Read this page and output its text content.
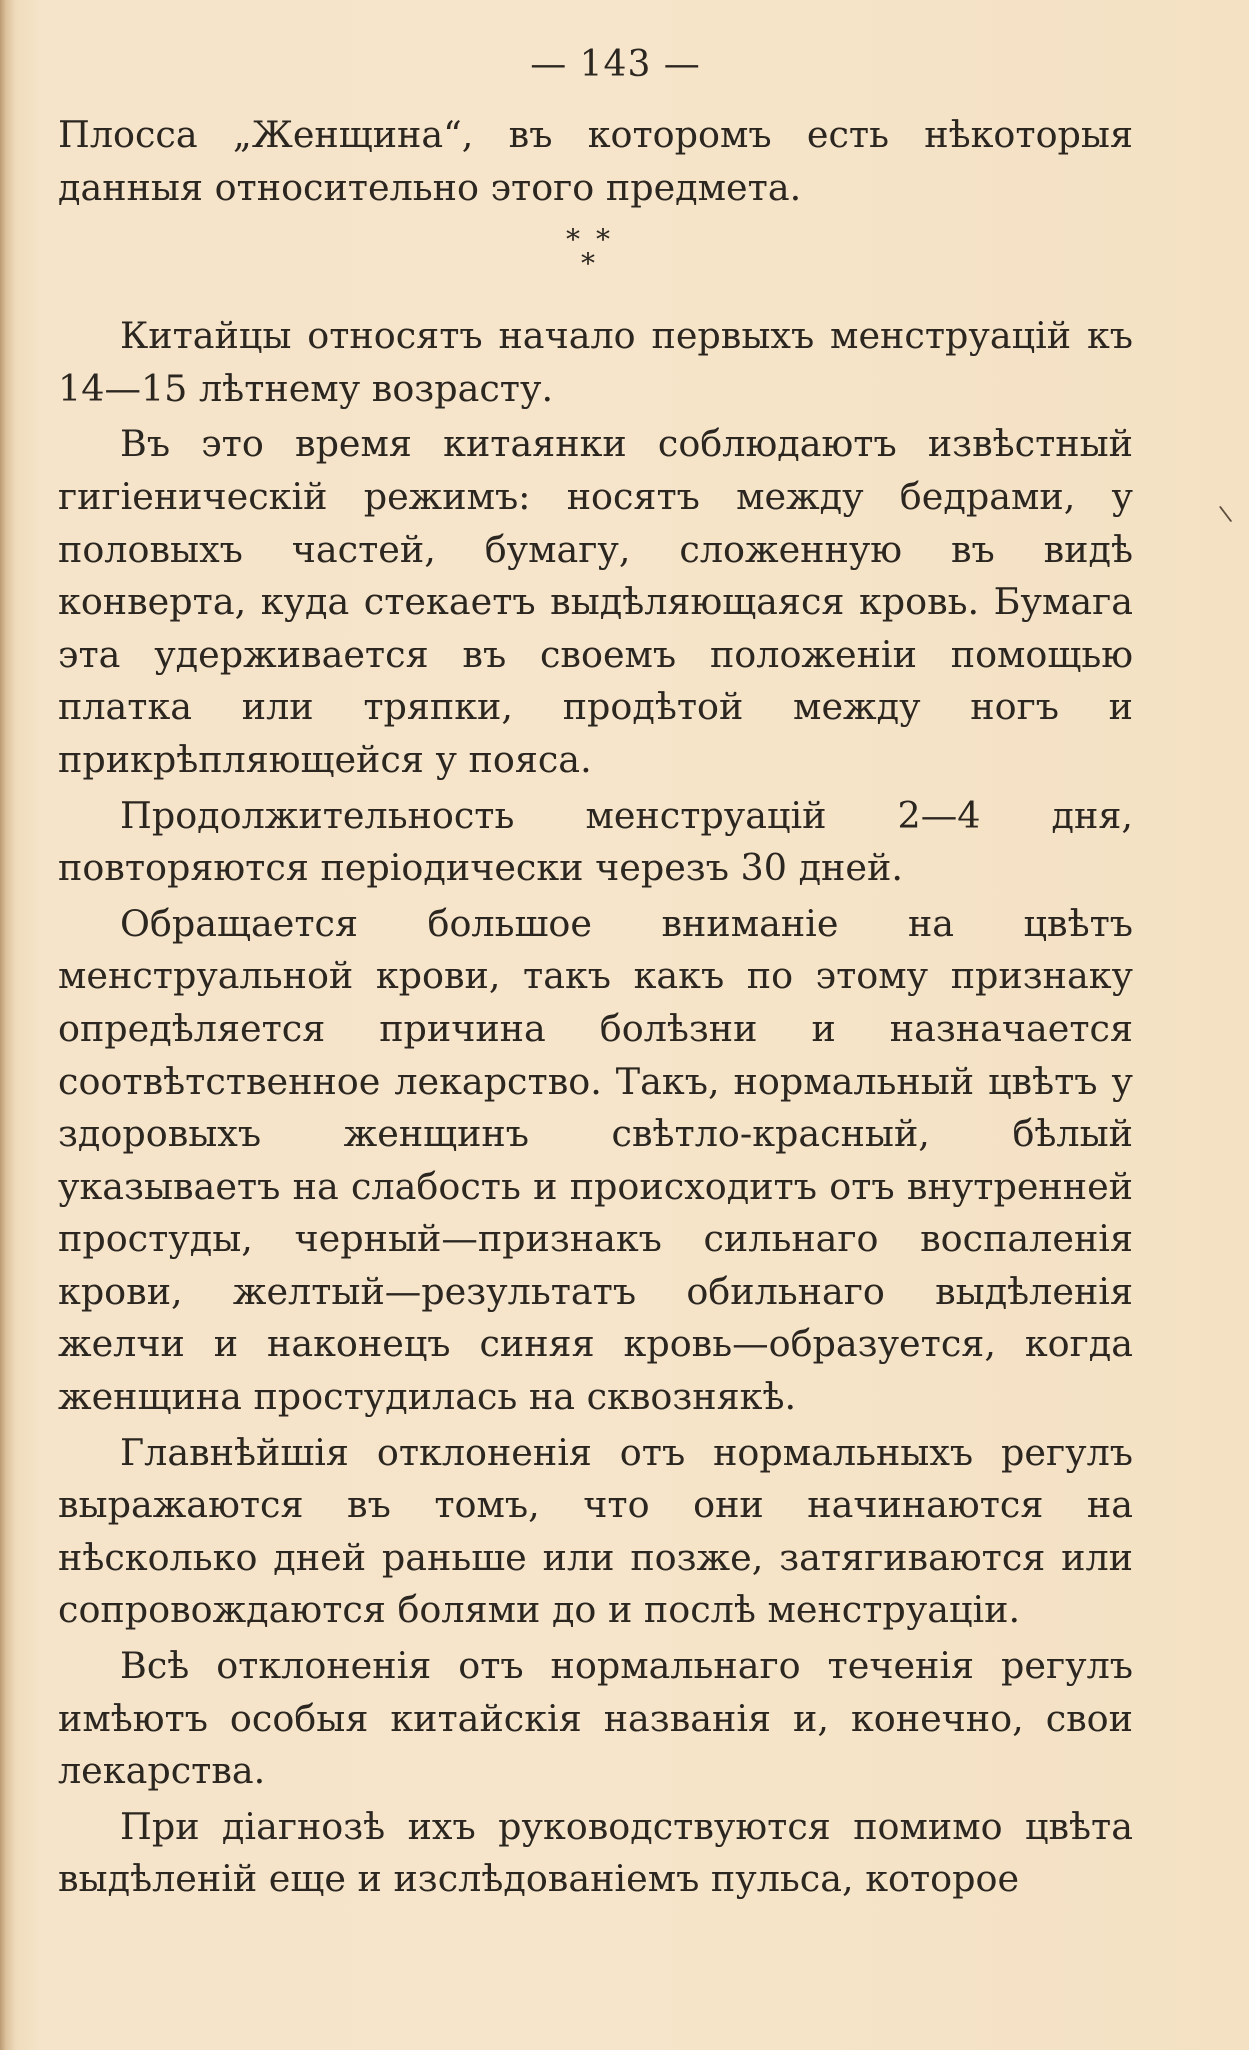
— 143 —

Плосса „Женщина“, въ которомъ есть нѣкоторыя данныя относительно этого предмета.

* *
*

Китайцы относятъ начало первыхъ менструацій къ 14—15 лѣтнему возрасту.

Въ это время китаянки соблюдаютъ извѣстный гигіеническій режимъ: носятъ между бедрами, у половыхъ частей, бумагу, сложенную въ видѣ конверта, куда стекаетъ выдѣляющаяся кровь. Бумага эта удерживается въ своемъ положеніи помощью платка или тряпки, продѣтой между ногъ и прикрѣпляющейся у пояса.

Продолжительность менструацій 2—4 дня, повторяются періодически черезъ 30 дней.

Обращается большое вниманіе на цвѣтъ менструальной крови, такъ какъ по этому признаку опредѣляется причина болѣзни и назначается соотвѣтственное лекарство. Такъ, нормальный цвѣтъ у здоровыхъ женщинъ свѣтло-красный, бѣлый указываетъ на слабость и происходитъ отъ внутренней простуды, черный—признакъ сильнаго воспаленія крови, желтый—результатъ обильнаго выдѣленія желчи и наконецъ синяя кровь—образуется, когда женщина простудилась на сквознякѣ.

Главнѣйшія отклоненія отъ нормальныхъ регулъ выражаются въ томъ, что они начинаются на нѣсколько дней раньше или позже, затягиваются или сопровождаются болями до и послѣ менструаціи.

Всѣ отклоненія отъ нормальнаго теченія регулъ имѣютъ особыя китайскія названія и, конечно, свои лекарства.

При діагнозѣ ихъ руководствуются помимо цвѣта выдѣленій еще и изслѣдованіемъ пульса, которое

\
